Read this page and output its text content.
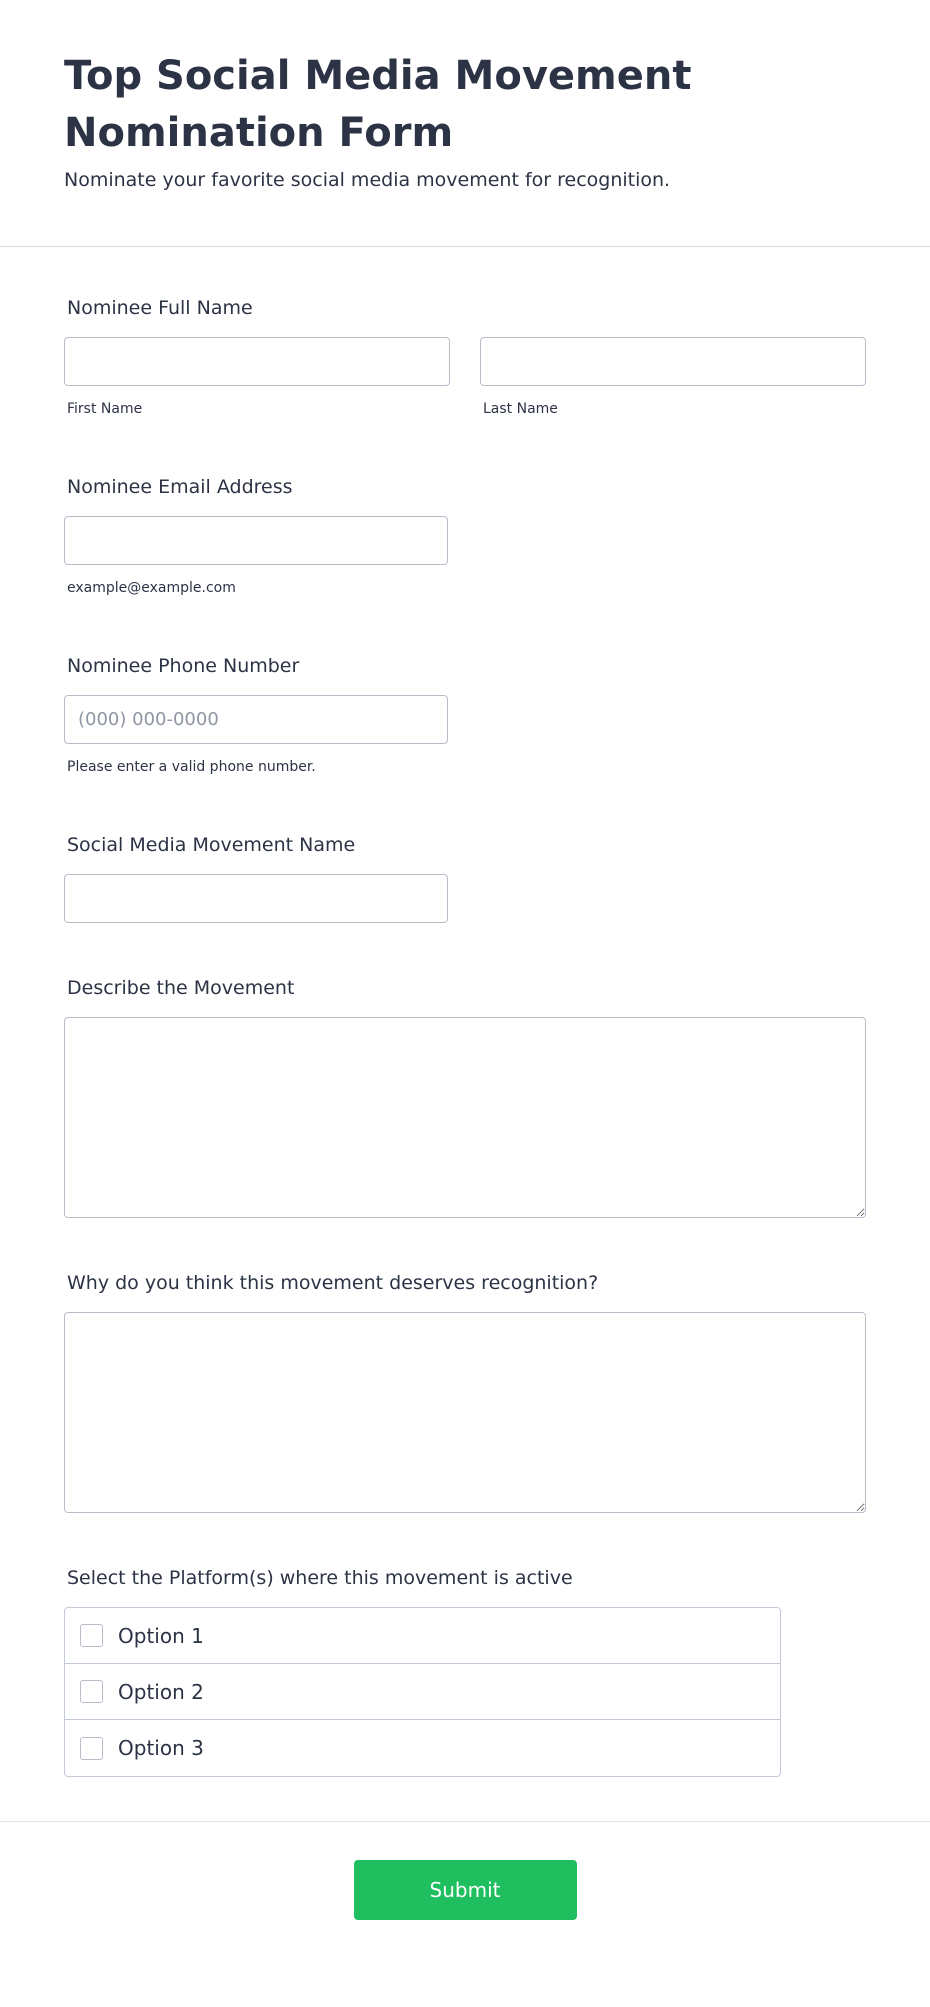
Top Social Media Movement Nomination Form

Nominate your favorite social media movement for recognition.

Nominee Full Name
First Name	Last Name
Nominee Email Address
example@example.com
Nominee Phone Number
(000) 000-0000
Please enter a valid phone number.
Social Media Movement Name
Describe the Movement
Why do you think this movement deserves recognition?
Select the Platform(s) where this movement is active
Option 1
Option 2
Option 3
Submit
